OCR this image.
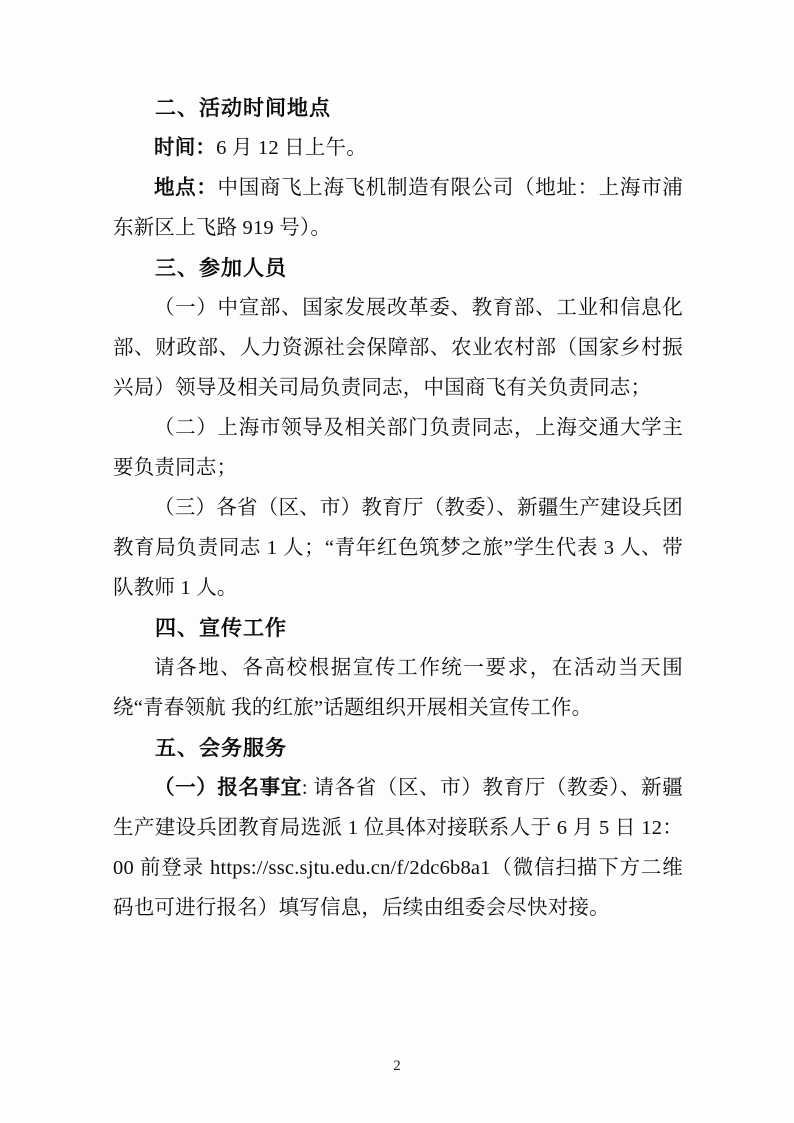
二、活动时间地点

时间：6 月 12 日上午。

地点：中国商飞上海飞机制造有限公司（地址：上海市浦东新区上飞路 919 号）。

三、参加人员

（一）中宣部、国家发展改革委、教育部、工业和信息化部、财政部、人力资源社会保障部、农业农村部（国家乡村振兴局）领导及相关司局负责同志，中国商飞有关负责同志；

（二）上海市领导及相关部门负责同志，上海交通大学主要负责同志；

（三）各省（区、市）教育厅（教委）、新疆生产建设兵团教育局负责同志 1 人；“青年红色筑梦之旅”学生代表 3 人、带队教师 1 人。

四、宣传工作

请各地、各高校根据宣传工作统一要求，在活动当天围绕“青春领航 我的红旅”话题组织开展相关宣传工作。

五、会务服务

（一）报名事宜: 请各省（区、市）教育厅（教委）、新疆生产建设兵团教育局选派 1 位具体对接联系人于 6 月 5 日 12：00 前登录 https://ssc.sjtu.edu.cn/f/2dc6b8a1（微信扫描下方二维码也可进行报名）填写信息，后续由组委会尽快对接。

2
